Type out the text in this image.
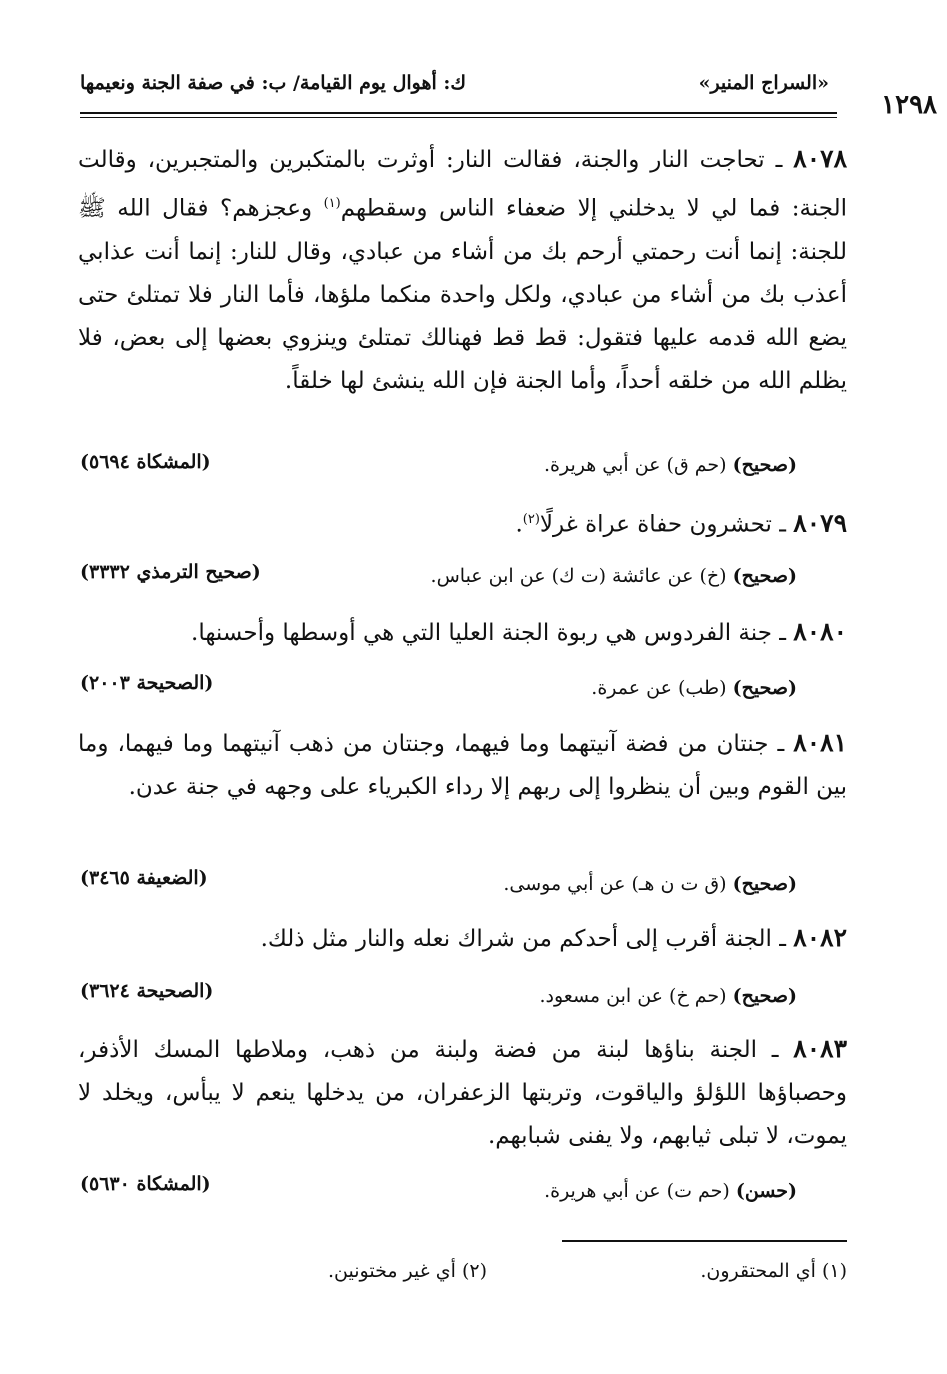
«السراج المنير»
ك: أهوال يوم القيامة/ ب: في صفة الجنة ونعيمها
١٢٩٨

٨٠٧٨ ـ تحاجت النار والجنة، فقالت النار: أوثرت بالمتكبرين والمتجبرين، وقالت الجنة: فما لي لا يدخلني إلا ضعفاء الناس وسقطهم$^{(١)}$ وعجزهم؟ فقال الله ﷺ للجنة: إنما أنت رحمتي أرحم بك من أشاء من عبادي، وقال للنار: إنما أنت عذابي أعذب بك من أشاء من عبادي، ولكل واحدة منكما ملؤها، فأما النار فلا تمتلئ حتى يضع الله قدمه عليها فتقول: قط قط فهنالك تمتلئ وينزوي بعضها إلى بعض، فلا يظلم الله من خلقه أحداً، وأما الجنة فإن الله ينشئ لها خلقاً.

(صحيح) (حم ق) عن أبي هريرة.
(المشكاة ٥٦٩٤)

٨٠٧٩ ـ تحشرون حفاة عراة غرلًا$^{(٢)}$.

(صحيح) (خ) عن عائشة (ت ك) عن ابن عباس.
(صحيح الترمذي ٣٣٣٢)

٨٠٨٠ ـ جنة الفردوس هي ربوة الجنة العليا التي هي أوسطها وأحسنها.

(صحيح) (طب) عن عمرة.
(الصحيحة ٢٠٠٣)

٨٠٨١ ـ جنتان من فضة آنيتهما وما فيهما، وجنتان من ذهب آنيتهما وما فيهما، وما بين القوم وبين أن ينظروا إلى ربهم إلا رداء الكبرياء على وجهه في جنة عدن.

(صحيح) (ق ت ن هـ) عن أبي موسى.
(الضعيفة ٣٤٦٥)

٨٠٨٢ ـ الجنة أقرب إلى أحدكم من شراك نعله والنار مثل ذلك.

(صحيح) (حم خ) عن ابن مسعود.
(الصحيحة ٣٦٢٤)

٨٠٨٣ ـ الجنة بناؤها لبنة من فضة ولبنة من ذهب، وملاطها المسك الأذفر، وحصباؤها اللؤلؤ والياقوت، وتربتها الزعفران، من يدخلها ينعم لا يبأس، ويخلد لا يموت، لا تبلى ثيابهم، ولا يفنى شبابهم.

(حسن) (حم ت) عن أبي هريرة.
(المشكاة ٥٦٣٠)
(١) أي المحتقرون.
(٢) أي غير مختونين.
